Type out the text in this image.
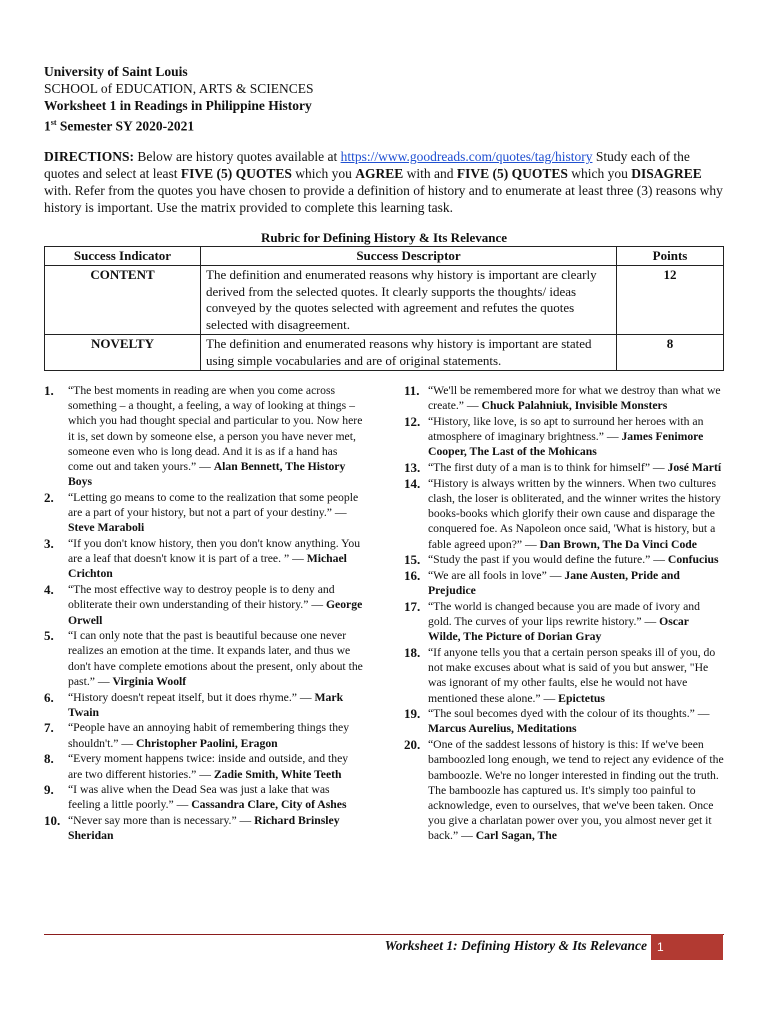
University of Saint Louis
SCHOOL of EDUCATION, ARTS & SCIENCES
Worksheet 1 in Readings in Philippine History
1st Semester SY 2020-2021
DIRECTIONS: Below are history quotes available at https://www.goodreads.com/quotes/tag/history Study each of the quotes and select at least FIVE (5) QUOTES which you AGREE with and FIVE (5) QUOTES which you DISAGREE with. Refer from the quotes you have chosen to provide a definition of history and to enumerate at least three (3) reasons why history is important. Use the matrix provided to complete this learning task.
Rubric for Defining History & Its Relevance
Success Indicator	Success Descriptor	Points
CONTENT	The definition and enumerated reasons why history is important are clearly derived from the selected quotes. It clearly supports the thoughts/ ideas conveyed by the quotes selected with agreement and refutes the quotes selected with disagreement.	12
NOVELTY	The definition and enumerated reasons why history is important are stated using simple vocabularies and are of original statements.	8
1. “The best moments in reading are when you come across something – a thought, a feeling, a way of looking at things – which you had thought special and particular to you. Now here it is, set down by someone else, a person you have never met, someone even who is long dead. And it is as if a hand has come out and taken yours.” — Alan Bennett, The History Boys
2. “Letting go means to come to the realization that some people are a part of your history, but not a part of your destiny.” — Steve Maraboli
3. “If you don't know history, then you don't know anything. You are a leaf that doesn't know it is part of a tree. ” — Michael Crichton
4. “The most effective way to destroy people is to deny and obliterate their own understanding of their history.” — George Orwell
5. “I can only note that the past is beautiful because one never realizes an emotion at the time. It expands later, and thus we don't have complete emotions about the present, only about the past.” — Virginia Woolf
6. “History doesn't repeat itself, but it does rhyme.” — Mark Twain
7. “People have an annoying habit of remembering things they shouldn't.” — Christopher Paolini, Eragon
8. “Every moment happens twice: inside and outside, and they are two different histories.” — Zadie Smith, White Teeth
9. “I was alive when the Dead Sea was just a lake that was feeling a little poorly.” — Cassandra Clare, City of Ashes
10. “Never say more than is necessary.” — Richard Brinsley Sheridan
11. “We'll be remembered more for what we destroy than what we create.” — Chuck Palahniuk, Invisible Monsters
12. “History, like love, is so apt to surround her heroes with an atmosphere of imaginary brightness.” — James Fenimore Cooper, The Last of the Mohicans
13. “The first duty of a man is to think for himself” — José Martí
14. “History is always written by the winners. When two cultures clash, the loser is obliterated, and the winner writes the history books-books which glorify their own cause and disparage the conquered foe. As Napoleon once said, 'What is history, but a fable agreed upon?” — Dan Brown, The Da Vinci Code
15. “Study the past if you would define the future.” — Confucius
16. “We are all fools in love” — Jane Austen, Pride and Prejudice
17. “The world is changed because you are made of ivory and gold. The curves of your lips rewrite history.” — Oscar Wilde, The Picture of Dorian Gray
18. “If anyone tells you that a certain person speaks ill of you, do not make excuses about what is said of you but answer, "He was ignorant of my other faults, else he would not have mentioned these alone.” — Epictetus
19. “The soul becomes dyed with the colour of its thoughts.” — Marcus Aurelius, Meditations
20. “One of the saddest lessons of history is this: If we've been bamboozled long enough, we tend to reject any evidence of the bamboozle. We're no longer interested in finding out the truth. The bamboozle has captured us. It's simply too painful to acknowledge, even to ourselves, that we've been taken. Once you give a charlatan power over you, you almost never get it back.” — Carl Sagan, The
Worksheet 1: Defining History & Its Relevance 1
